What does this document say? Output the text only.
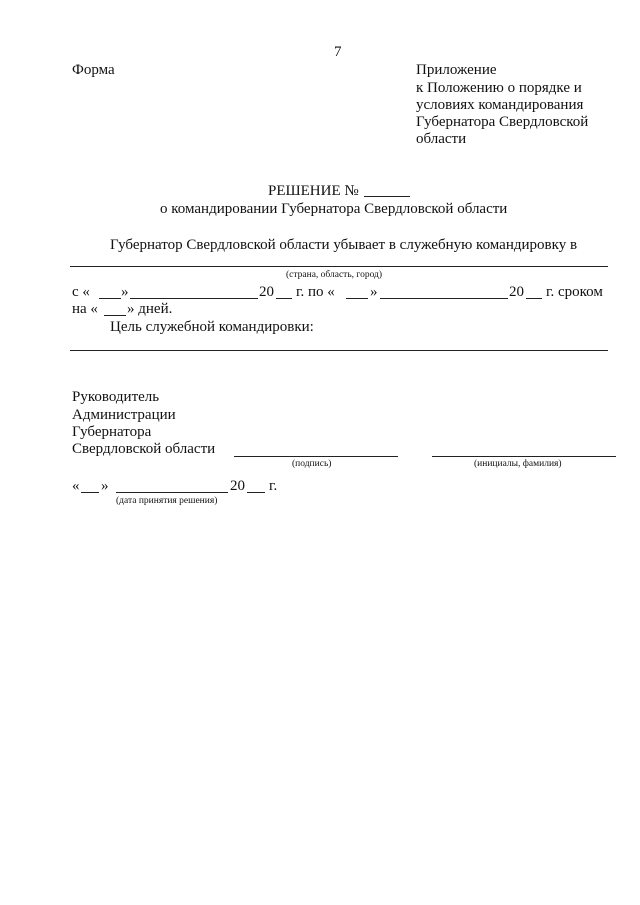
7
Форма	Приложение
к Положению о порядке и
условиях командирования
Губернатора Свердловской
области
РЕШЕНИЕ №
о командировании Губернатора Свердловской области
Губернатор Свердловской области убывает в служебную командировку в
(страна, область, город)
с « »	20 г. по « »	20 г. сроком
на « » дней.
Цель служебной командировки:
Руководитель
Администрации
Губернатора
Свердловской области
(подпись)	(инициалы, фамилия)
« »	20 г.
(дата принятия решения)
